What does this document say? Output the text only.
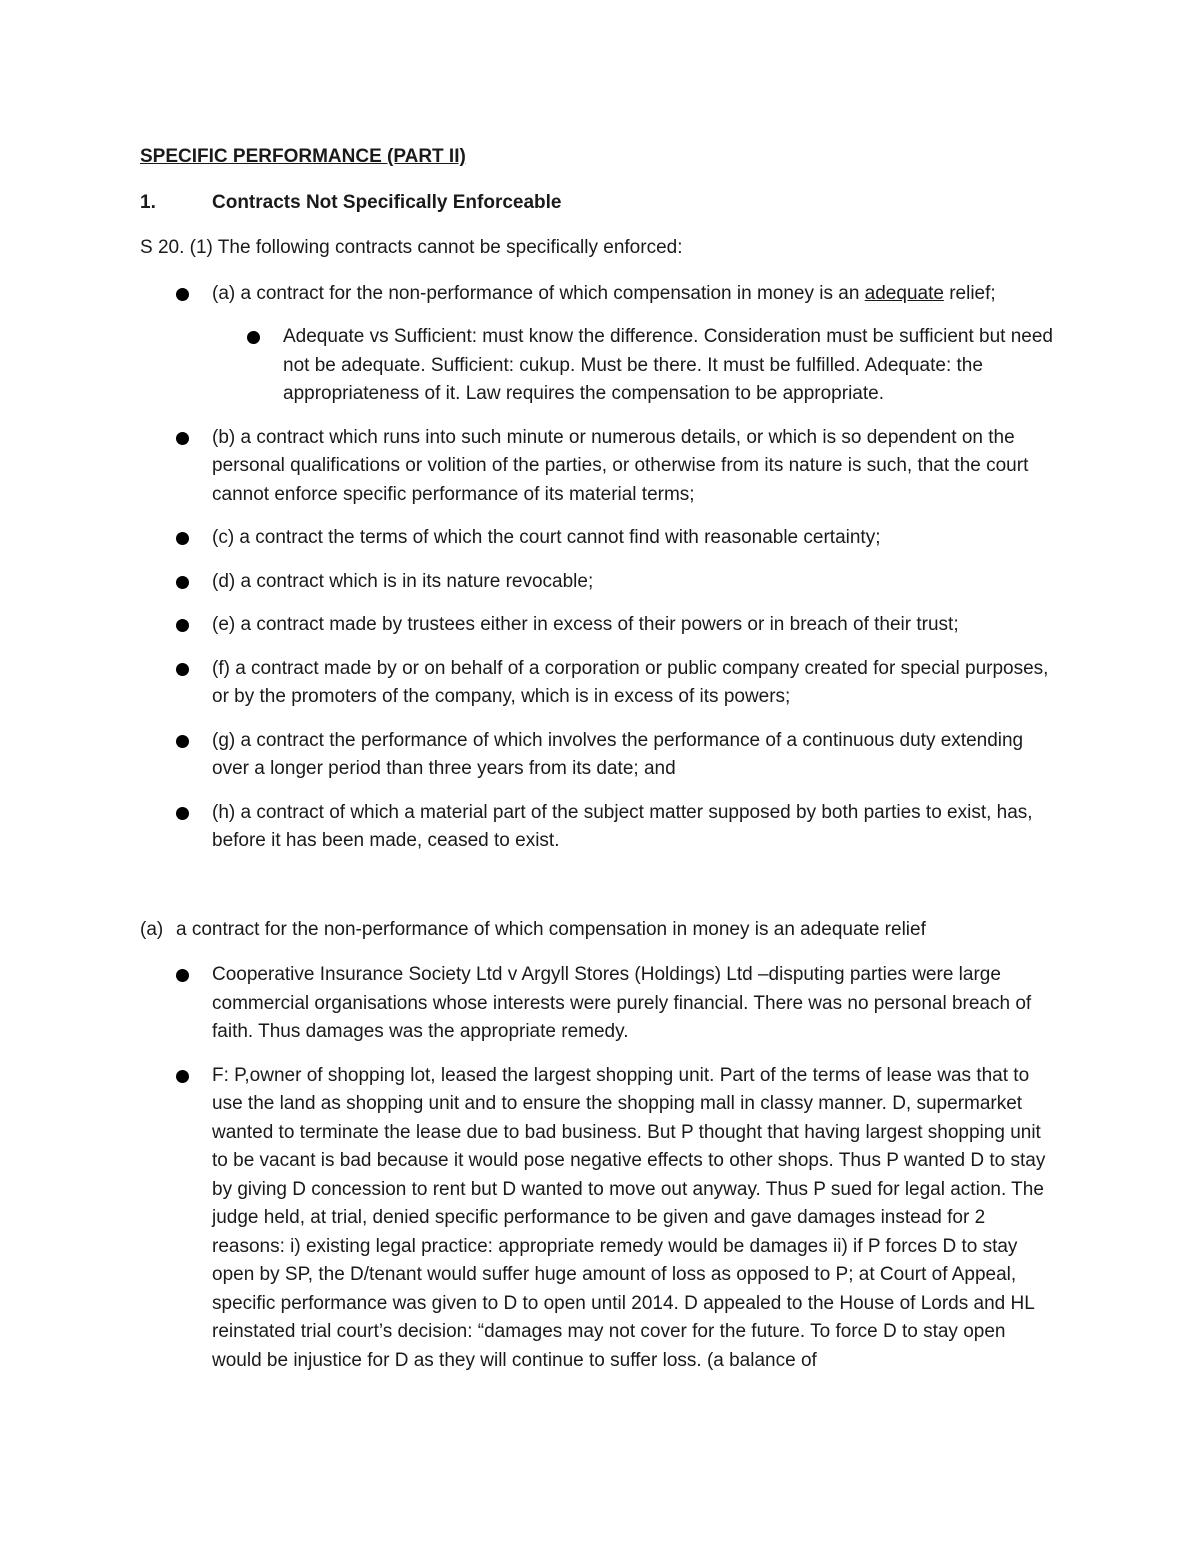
SPECIFIC PERFORMANCE (PART II)
1.	Contracts Not Specifically Enforceable
S 20. (1) The following contracts cannot be specifically enforced:
(a) a contract for the non-performance of which compensation in money is an adequate relief;
Adequate vs Sufficient: must know the difference. Consideration must be sufficient but need not be adequate. Sufficient: cukup. Must be there. It must be fulfilled. Adequate: the appropriateness of it. Law requires the compensation to be appropriate.
(b) a contract which runs into such minute or numerous details, or which is so dependent on the personal qualifications or volition of the parties, or otherwise from its nature is such, that the court cannot enforce specific performance of its material terms;
(c) a contract the terms of which the court cannot find with reasonable certainty;
(d) a contract which is in its nature revocable;
(e) a contract made by trustees either in excess of their powers or in breach of their trust;
(f) a contract made by or on behalf of a corporation or public company created for special purposes, or by the promoters of the company, which is in excess of its powers;
(g) a contract the performance of which involves the performance of a continuous duty extending over a longer period than three years from its date; and
(h) a contract of which a material part of the subject matter supposed by both parties to exist, has, before it has been made, ceased to exist.
(a) a contract for the non-performance of which compensation in money is an adequate relief
Cooperative Insurance Society Ltd v Argyll Stores (Holdings) Ltd –disputing parties were large commercial organisations whose interests were purely financial. There was no personal breach of faith. Thus damages was the appropriate remedy.
F: P,owner of shopping lot, leased the largest shopping unit. Part of the terms of lease was that to use the land as shopping unit and to ensure the shopping mall in classy manner. D, supermarket wanted to terminate the lease due to bad business. But P thought that having largest shopping unit to be vacant is bad because it would pose negative effects to other shops. Thus P wanted D to stay by giving D concession to rent but D wanted to move out anyway. Thus P sued for legal action. The judge held, at trial, denied specific performance to be given and gave damages instead for 2 reasons: i) existing legal practice: appropriate remedy would be damages ii) if P forces D to stay open by SP, the D/tenant would suffer huge amount of loss as opposed to P; at Court of Appeal, specific performance was given to D to open until 2014. D appealed to the House of Lords and HL reinstated trial court’s decision: “damages may not cover for the future. To force D to stay open would be injustice for D as they will continue to suffer loss. (a balance of
